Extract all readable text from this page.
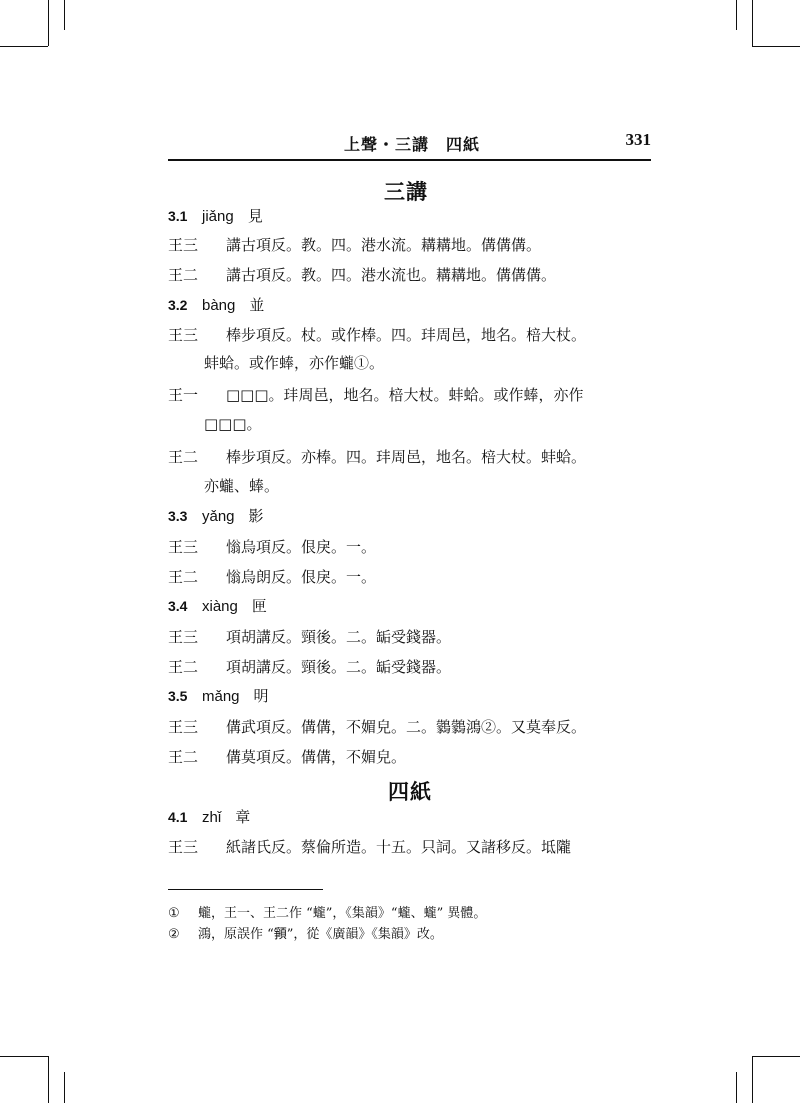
上聲・三講　四紙	331
三講
3.1 jiǎng 見
王三 講古項反。教。四。港水流。耩耩地。傋傋傋。
王二 講古項反。教。四。港水流也。耩耩地。傋傋傋。
3.2 bàng 並
王三 棒步項反。杖。或作棒。四。玤周邑，地名。棓大杖。
蚌蛤。或作蜯，亦作蠬①。
王一 □□□。玤周邑，地名。棓大杖。蚌蛤。或作蜯，亦作
□□□。
王二 棒步項反。亦棒。四。玤周邑，地名。棓大杖。蚌蛤。
亦蠬、蜯。
3.3 yǎng 影
王三 慃烏項反。佷戾。一。
王二 慃烏朗反。佷戾。一。
3.4 xiàng 匣
王三 項胡講反。頸後。二。缿受錢器。
王二 項胡講反。頸後。二。缿受錢器。
3.5 mǎng 明
王三 傋武項反。傋傋，不媚皃。二。鸏鸏鴻②。又莫奉反。
王二 傋莫項反。傋傋，不媚皃。
四紙
4.1 zhǐ 章
王三 紙諸氏反。蔡倫所造。十五。只詞。又諸移反。坻隴
① 蠬，王一、王二作 “蠬”，《集韻》“蠬、蠬” 異體。
② 鴻，原誤作 “𩓞”，從《廣韻》《集韻》改。
